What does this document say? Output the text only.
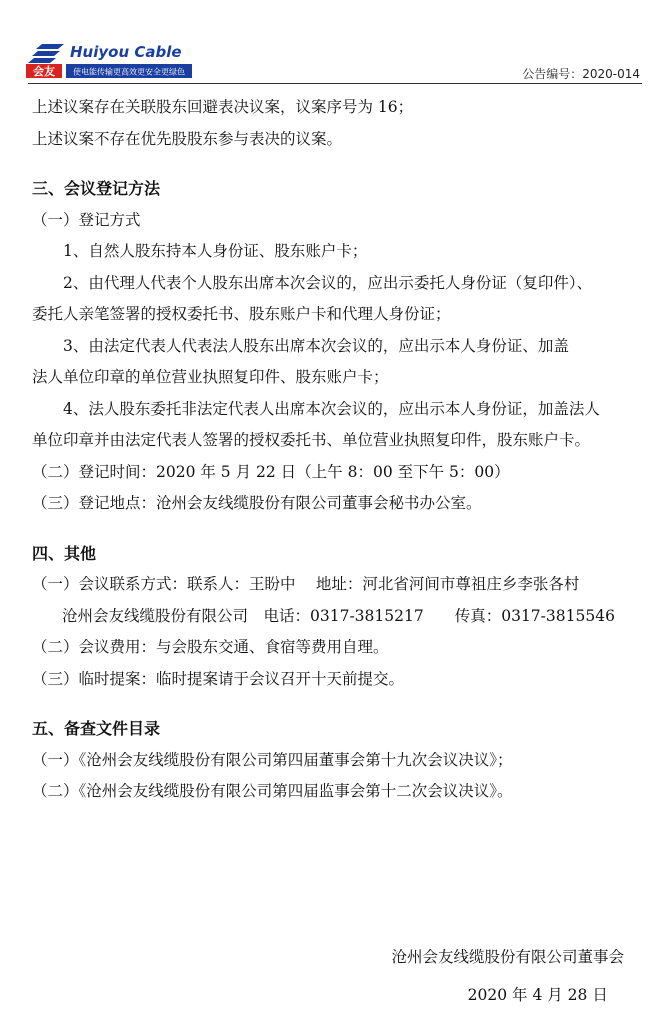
会友
Huiyou Cable
使电能传输更高效更安全更绿色	公告编号：2020-014

上述议案存在关联股东回避表决议案，议案序号为 16；

上述议案不存在优先股股东参与表决的议案。

三、会议登记方法

（一）登记方式

1、自然人股东持本人身份证、股东账户卡；

2、由代理人代表个人股东出席本次会议的，应出示委托人身份证（复印件）、

委托人亲笔签署的授权委托书、股东账户卡和代理人身份证；

3、由法定代表人代表法人股东出席本次会议的，应出示本人身份证、加盖

法人单位印章的单位营业执照复印件、股东账户卡；

4、法人股东委托非法定代表人出席本次会议的，应出示本人身份证，加盖法人

单位印章并由法定代表人签署的授权委托书、单位营业执照复印件，股东账户卡。

（二）登记时间：2020 年 5 月 22 日（上午 8：00 至下午 5：00）

（三）登记地点：沧州会友线缆股份有限公司董事会秘书办公室。

四、其他

（一）会议联系方式：联系人：王盼中　 地址：河北省河间市尊祖庄乡李张各村

沧州会友线缆股份有限公司　电话：0317-3815217　　传真：0317-3815546

（二）会议费用：与会股东交通、食宿等费用自理。

（三）临时提案：临时提案请于会议召开十天前提交。

五、备查文件目录

（一）《沧州会友线缆股份有限公司第四届董事会第十九次会议决议》；

（二）《沧州会友线缆股份有限公司第四届监事会第十二次会议决议》。

沧州会友线缆股份有限公司董事会
2020 年 4 月 28 日
